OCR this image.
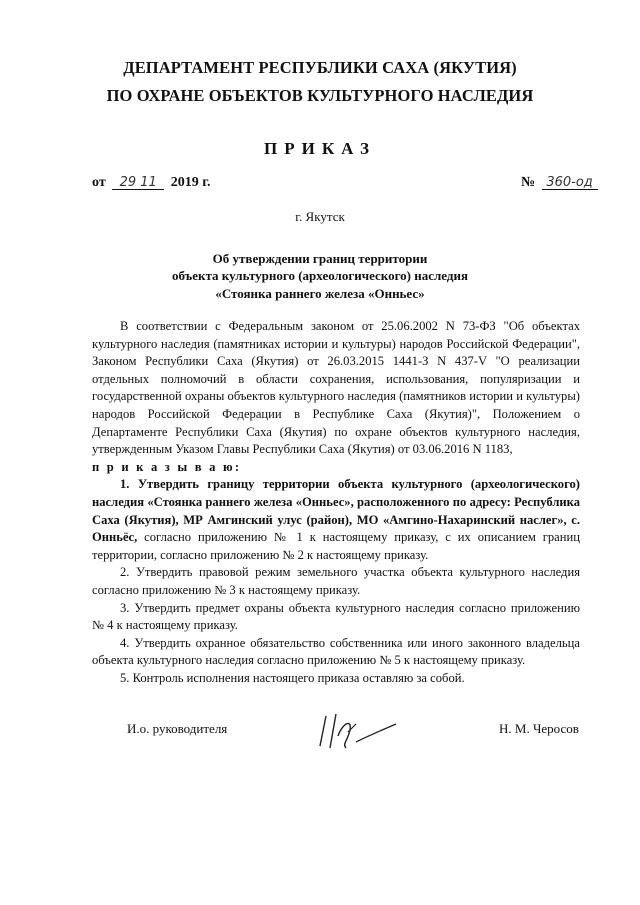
ДЕПАРТАМЕНТ РЕСПУБЛИКИ САХА (ЯКУТИЯ)
ПО ОХРАНЕ ОБЪЕКТОВ КУЛЬТУРНОГО НАСЛЕДИЯ
ПРИКАЗ
от 29 11 2019 г.	№ 360-од
г. Якутск
Об утверждении границ территории
объекта культурного (археологического) наследия
«Стоянка раннего железа «Онньес»

В соответствии с Федеральным законом от 25.06.2002 N 73-ФЗ "Об объектах культурного наследия (памятниках истории и культуры) народов Российской Федерации", Законом Республики Саха (Якутия) от 26.03.2015 1441-З N 437-V "О реализации отдельных полномочий в области сохранения, использования, популяризации и государственной охраны объектов культурного наследия (памятников истории и культуры) народов Российской Федерации в Республике Саха (Якутия)", Положением о Департаменте Республики Саха (Якутия) по охране объектов культурного наследия, утвержденным Указом Главы Республики Саха (Якутия) от 03.06.2016 N 1183,

п р и к а з ы в а ю:

1. Утвердить границу территории объекта культурного (археологического) наследия «Стоянка раннего железа «Онньес», расположенного по адресу: Республика Саха (Якутия), МР Амгинский улус (район), МО «Амгино-Нахаринский наслег», с. Онньёс, согласно приложению № 1 к настоящему приказу, с их описанием границ территории, согласно приложению № 2 к настоящему приказу.

2. Утвердить правовой режим земельного участка объекта культурного наследия согласно приложению № 3 к настоящему приказу.

3. Утвердить предмет охраны объекта культурного наследия согласно приложению № 4 к настоящему приказу.

4. Утвердить охранное обязательство собственника или иного законного владельца объекта культурного наследия согласно приложению № 5 к настоящему приказу.

5. Контроль исполнения настоящего приказа оставляю за собой.

И.о. руководителя	Н. М. Черосов
